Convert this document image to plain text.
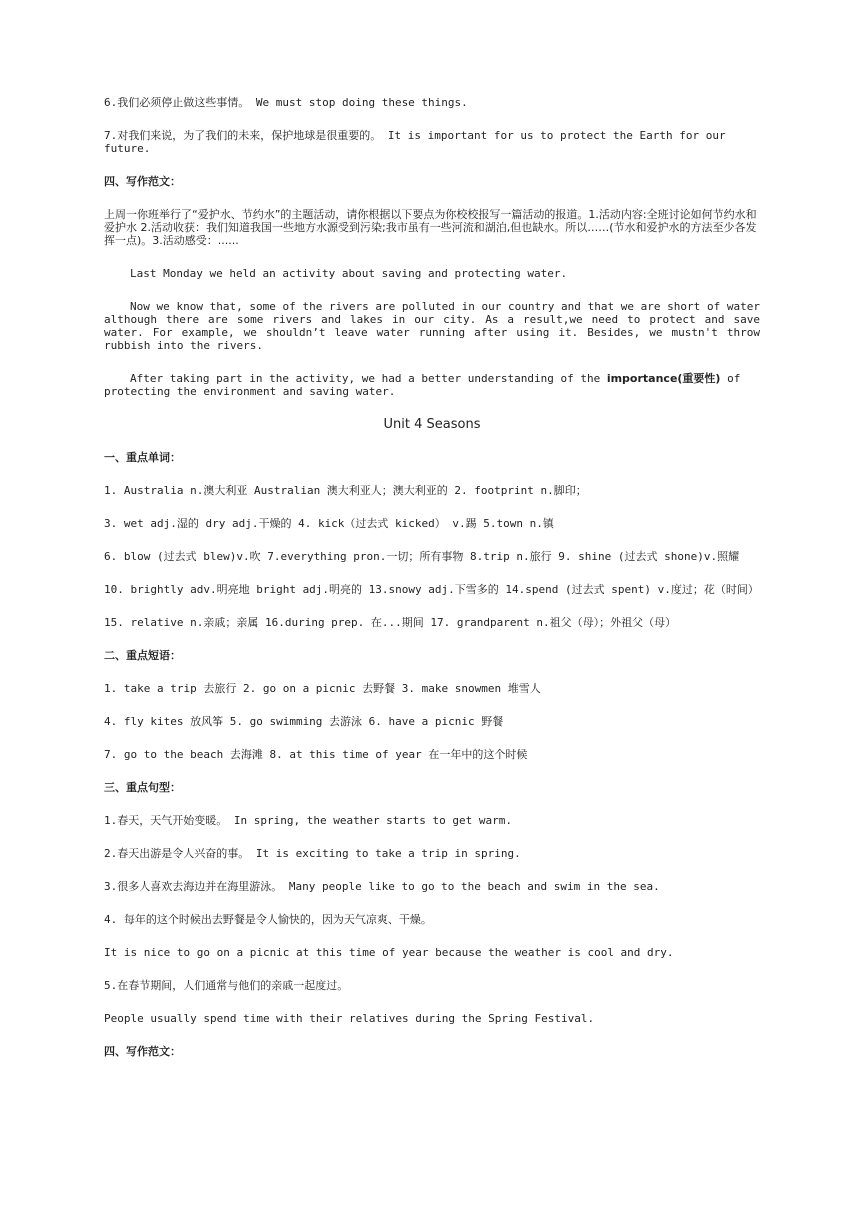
6.我们必须停止做这些事情。 We must stop doing these things.

7.对我们来说，为了我们的未来，保护地球是很重要的。 It is important for us to protect the Earth for our future.

四、写作范文：

上周一你班举行了“爱护水、节约水”的主题活动，请你根据以下要点为你校校报写一篇活动的报道。1.活动内容:全班讨论如何节约水和爱护水 2.活动收获：我们知道我国一些地方水源受到污染;我市虽有一些河流和湖泊,但也缺水。所以……(节水和爱护水的方法至少各发挥一点)。3.活动感受：......

Last Monday we held an activity about saving and protecting water.

Now we know that, some of the rivers are polluted in our country and that we are short of water although there are some rivers and lakes in our city. As a result,we need to protect and save water. For example, we shouldn’t leave water running after using it. Besides, we mustn't throw rubbish into the rivers.

After taking part in the activity, we had a better understanding of the importance(重要性) of protecting the environment and saving water.

Unit 4 Seasons

一、重点单词：

1. Australia n.澳大利亚 Australian 澳大利亚人；澳大利亚的 2. footprint n.脚印；

3. wet adj.湿的 dry adj.干燥的 4. kick（过去式 kicked） v.踢 5.town n.镇

6. blow (过去式 blew)v.吹 7.everything pron.一切；所有事物 8.trip n.旅行 9. shine (过去式 shone)v.照耀

10. brightly adv.明亮地 bright adj.明亮的 13.snowy adj.下雪多的 14.spend (过去式 spent) v.度过；花（时间）

15. relative n.亲戚；亲属 16.during prep. 在...期间 17. grandparent n.祖父（母）；外祖父（母）

二、重点短语：

1. take a trip 去旅行 2. go on a picnic 去野餐 3. make snowmen 堆雪人

4. fly kites 放风筝 5. go swimming 去游泳 6. have a picnic 野餐

7. go to the beach 去海滩 8. at this time of year 在一年中的这个时候

三、重点句型：

1.春天，天气开始变暖。 In spring, the weather starts to get warm.

2.春天出游是令人兴奋的事。 It is exciting to take a trip in spring.

3.很多人喜欢去海边并在海里游泳。 Many people like to go to the beach and swim in the sea.

4. 每年的这个时候出去野餐是令人愉快的，因为天气凉爽、干燥。

It is nice to go on a picnic at this time of year because the weather is cool and dry.

5.在春节期间，人们通常与他们的亲戚一起度过。

People usually spend time with their relatives during the Spring Festival.

四、写作范文：
